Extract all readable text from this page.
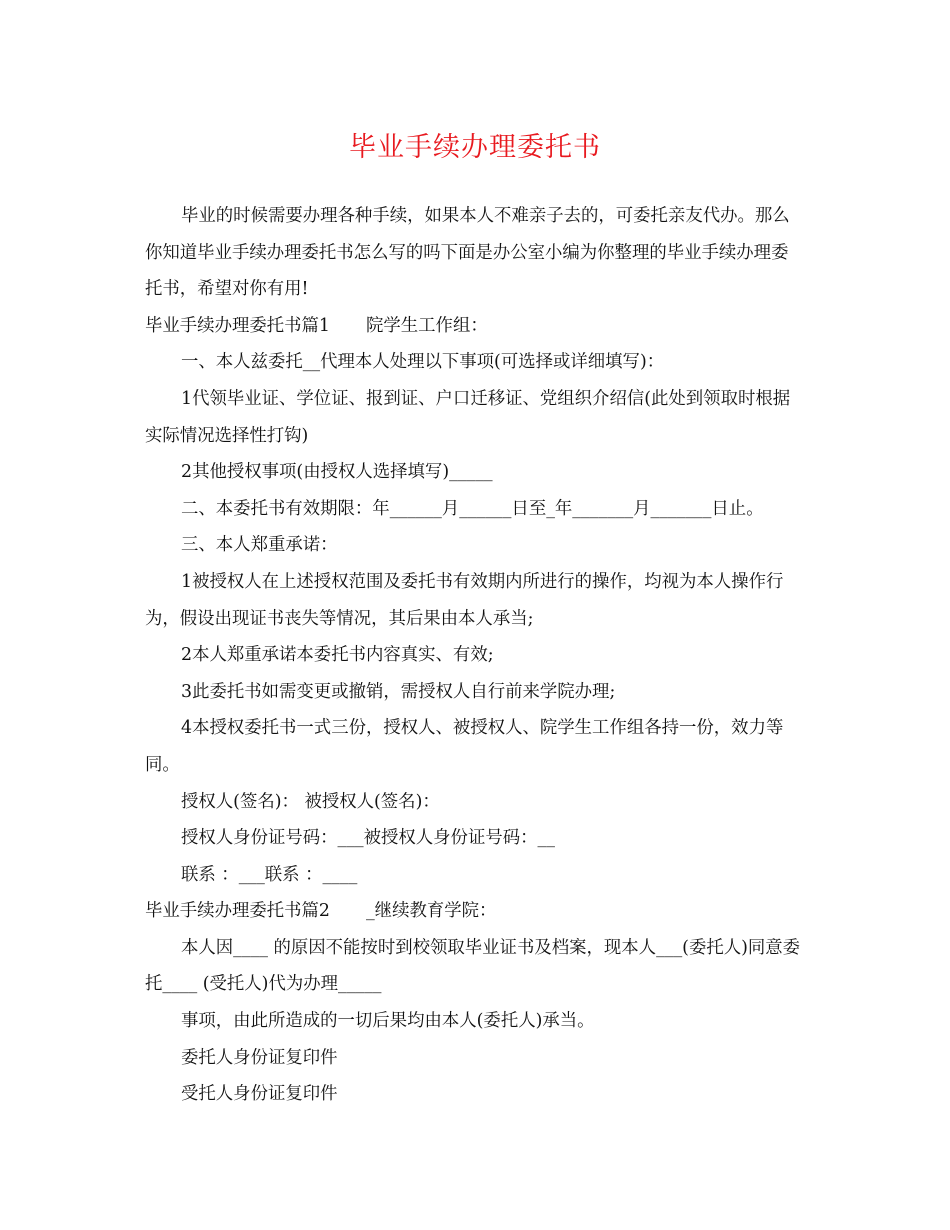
毕业手续办理委托书

毕业的时候需要办理各种手续，如果本人不难亲子去的，可委托亲友代办。那么你知道毕业手续办理委托书怎么写的吗下面是办公室小编为你整理的毕业手续办理委托书，希望对你有用!

毕业手续办理委托书篇1 院学生工作组：

一、本人兹委托__代理本人处理以下事项(可选择或详细填写)：

1代领毕业证、学位证、报到证、户口迁移证、党组织介绍信(此处到领取时根据实际情况选择性打钩)

2其他授权事项(由授权人选择填写)_____

二、本委托书有效期限：年______月______日至_年_______月_______日止。

三、本人郑重承诺：

1被授权人在上述授权范围及委托书有效期内所进行的操作，均视为本人操作行为，假设出现证书丧失等情况，其后果由本人承当;

2本人郑重承诺本委托书内容真实、有效;

3此委托书如需变更或撤销，需授权人自行前来学院办理;

4本授权委托书一式三份，授权人、被授权人、院学生工作组各持一份，效力等同。

授权人(签名)： 被授权人(签名)：

授权人身份证号码：___被授权人身份证号码：__

联系 ：___联系 ：____

毕业手续办理委托书篇2 _继续教育学院：

本人因____ 的原因不能按时到校领取毕业证书及档案，现本人___(委托人)同意委托____ (受托人)代为办理_____

事项，由此所造成的一切后果均由本人(委托人)承当。

委托人身份证复印件

受托人身份证复印件
